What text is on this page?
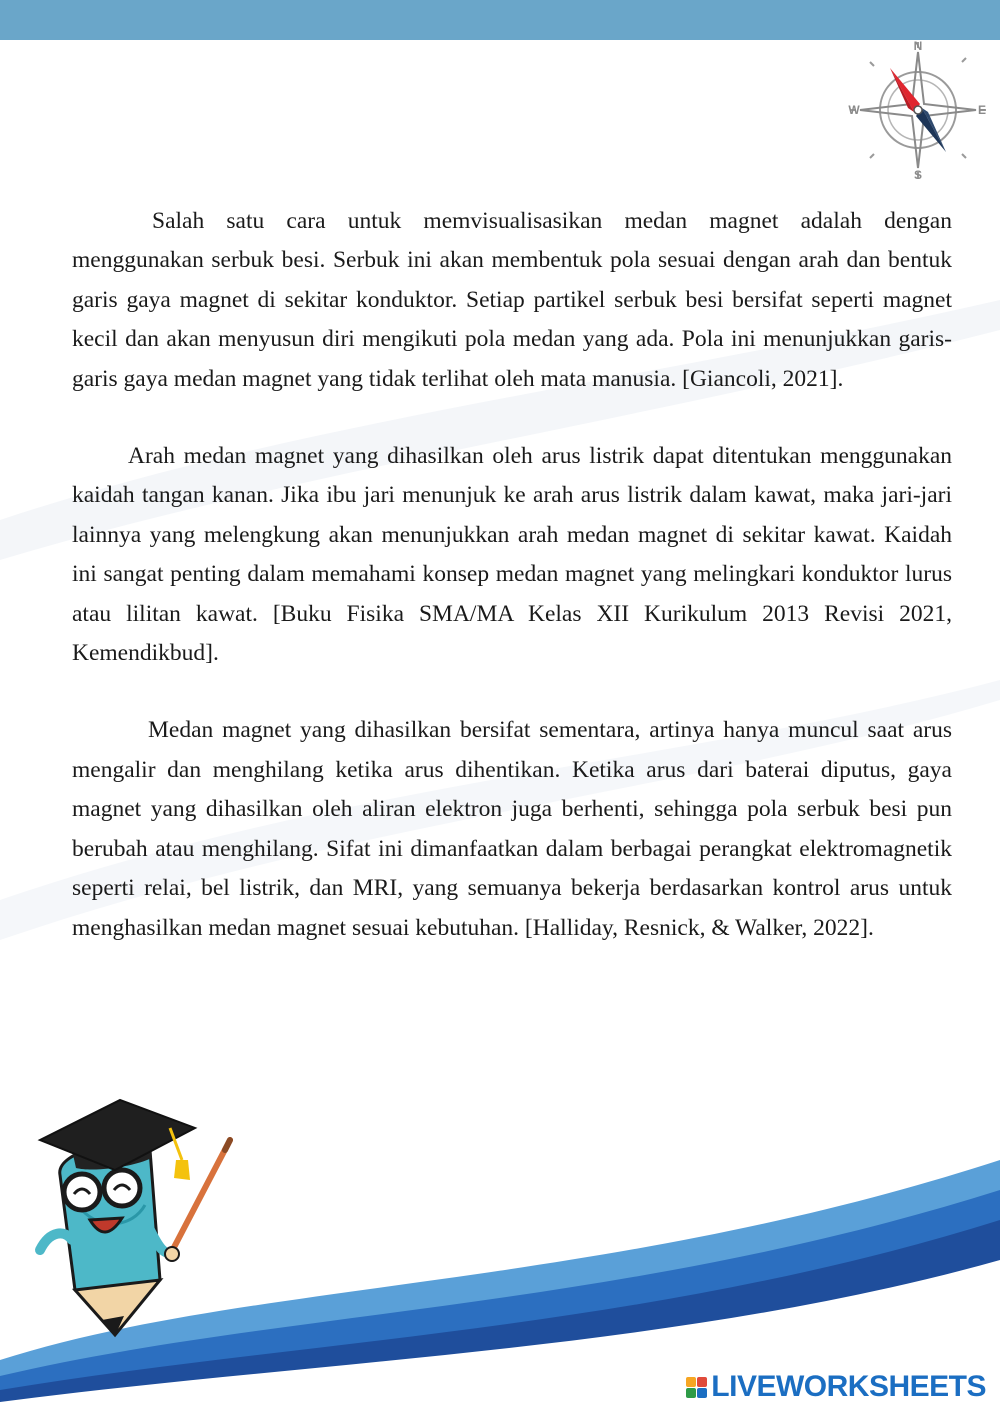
N
S
W	E

Salah satu cara untuk memvisualisasikan medan magnet adalah dengan menggunakan serbuk besi. Serbuk ini akan membentuk pola sesuai dengan arah dan bentuk garis gaya magnet di sekitar konduktor. Setiap partikel serbuk besi bersifat seperti magnet kecil dan akan menyusun diri mengikuti pola medan yang ada. Pola ini menunjukkan garis-garis gaya medan magnet yang tidak terlihat oleh mata manusia. [Giancoli, 2021].

Arah medan magnet yang dihasilkan oleh arus listrik dapat ditentukan menggunakan kaidah tangan kanan. Jika ibu jari menunjuk ke arah arus listrik dalam kawat, maka jari-jari lainnya yang melengkung akan menunjukkan arah medan magnet di sekitar kawat. Kaidah ini sangat penting dalam memahami konsep medan magnet yang melingkari konduktor lurus atau lilitan kawat. [Buku Fisika SMA/MA Kelas XII Kurikulum 2013 Revisi 2021, Kemendikbud].

Medan magnet yang dihasilkan bersifat sementara, artinya hanya muncul saat arus mengalir dan menghilang ketika arus dihentikan. Ketika arus dari baterai diputus, gaya magnet yang dihasilkan oleh aliran elektron juga berhenti, sehingga pola serbuk besi pun berubah atau menghilang. Sifat ini dimanfaatkan dalam berbagai perangkat elektromagnetik seperti relai, bel listrik, dan MRI, yang semuanya bekerja berdasarkan kontrol arus untuk menghasilkan medan magnet sesuai kebutuhan. [Halliday, Resnick, & Walker, 2022].

LIVEWORKSHEETS
